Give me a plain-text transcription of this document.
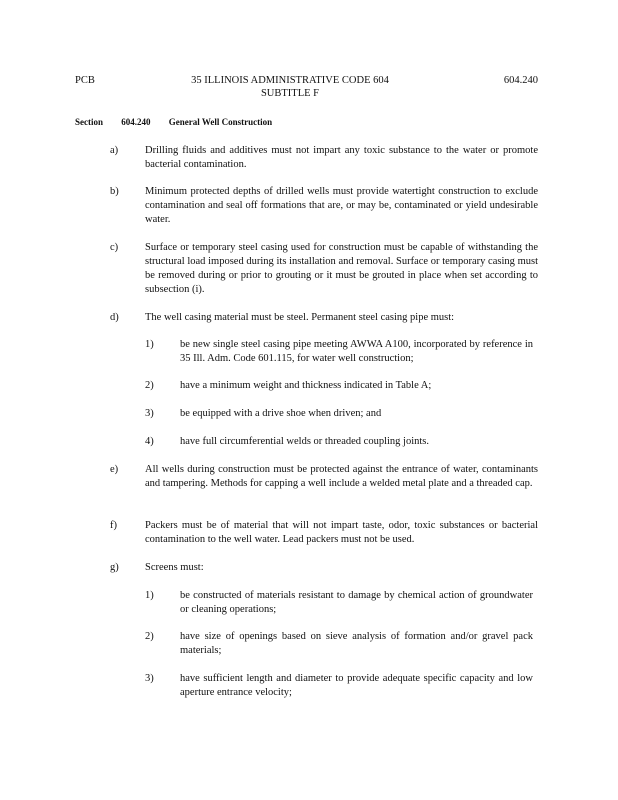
PCB	35 ILLINOIS ADMINISTRATIVE CODE 604
SUBTITLE F
604.240
Section 604.240 General Well Construction
a)	Drilling fluids and additives must not impart any toxic substance to the water or promote bacterial contamination.
b)	Minimum protected depths of drilled wells must provide watertight construction to exclude contamination and seal off formations that are, or may be, contaminated or yield undesirable water.
c)	Surface or temporary steel casing used for construction must be capable of withstanding the structural load imposed during its installation and removal. Surface or temporary casing must be removed during or prior to grouting or it must be grouted in place when set according to subsection (i).
d)	The well casing material must be steel. Permanent steel casing pipe must:
1)	be new single steel casing pipe meeting AWWA A100, incorporated by reference in 35 Ill. Adm. Code 601.115, for water well construction;
2)	have a minimum weight and thickness indicated in Table A;
3)	be equipped with a drive shoe when driven; and
4)	have full circumferential welds or threaded coupling joints.
e)	All wells during construction must be protected against the entrance of water, contaminants and tampering. Methods for capping a well include a welded metal plate and a threaded cap.
f)	Packers must be of material that will not impart taste, odor, toxic substances or bacterial contamination to the well water. Lead packers must not be used.
g)	Screens must:
1)	be constructed of materials resistant to damage by chemical action of groundwater or cleaning operations;
2)	have size of openings based on sieve analysis of formation and/or gravel pack materials;
3)	have sufficient length and diameter to provide adequate specific capacity and low aperture entrance velocity;
